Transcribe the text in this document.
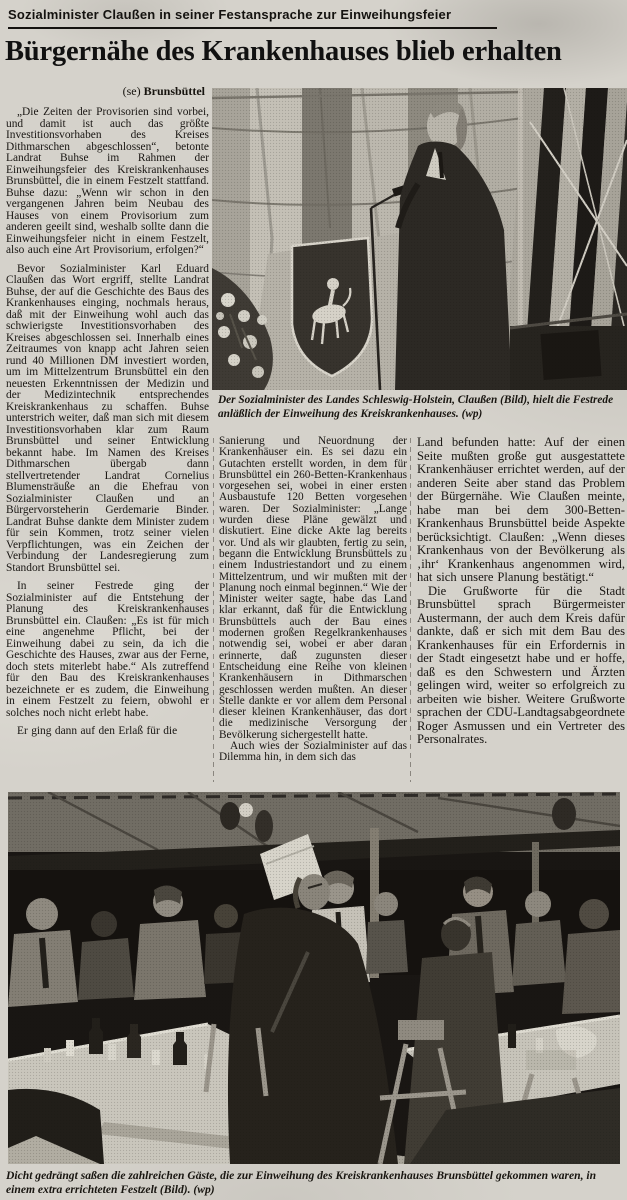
Sozialminister Claußen in seiner Festansprache zur Einweihungsfeier
Bürgernähe des Krankenhauses blieb erhalten
(se) Brunsbüttel

„Die Zeiten der Provisorien sind vorbei, und damit ist auch das größte Investitionsvorhaben des Kreises Dithmarschen abgeschlossen“, betonte Landrat Buhse im Rahmen der Einweihungsfeier des Kreiskrankenhauses Brunsbüttel, die in einem Festzelt stattfand. Buhse dazu: „Wenn wir schon in den vergangenen Jahren beim Neubau des Hauses von einem Provisorium zum anderen geeilt sind, weshalb sollte dann die Einweihungsfeier nicht in einem Festzelt, also auch eine Art Provisorium, erfolgen?“

Bevor Sozialminister Karl Eduard Claußen das Wort ergriff, stellte Landrat Buhse, der auf die Geschichte des Baus des Krankenhauses einging, nochmals heraus, daß mit der Einweihung wohl auch das schwierigste Investitionsvorhaben des Kreises abgeschlossen sei. Innerhalb eines Zeitraumes von knapp acht Jahren seien rund 40 Millionen DM investiert worden, um im Mittelzentrum Brunsbüttel ein den neuesten Erkenntnissen der Medizin und der Medizintechnik entsprechendes Kreiskrankenhaus zu schaffen. Buhse unterstrich weiter, daß man sich mit diesem Investitionsvorhaben klar zum Raum Brunsbüttel und seiner Entwicklung bekannt habe. Im Namen des Kreises Dithmarschen übergab dann stellvertretender Landrat Cornelius Blumensträuße an die Ehefrau von Sozialminister Claußen und an Bürgervorsteherin Gerdemarie Binder. Landrat Buhse dankte dem Minister zudem für sein Kommen, trotz seiner vielen Verpflichtungen, was ein Zeichen der Verbindung der Landesregierung zum Standort Brunsbüttel sei.

In seiner Festrede ging der Sozialminister auf die Entstehung der Planung des Kreiskrankenhauses Brunsbüttel ein. Claußen: „Es ist für mich eine angenehme Pflicht, bei der Einweihung dabei zu sein, da ich die Geschichte des Hauses, zwar aus der Ferne, doch stets miterlebt habe.“ Als zutreffend für den Bau des Kreiskrankenhauses bezeichnete er es zudem, die Einweihung in einem Festzelt zu feiern, obwohl er solches noch nicht erlebt habe.

Er ging dann auf den Erlaß für die

Der Sozialminister des Landes Schleswig-Holstein, Claußen (Bild), hielt die Festrede anläßlich der Einweihung des Kreiskrankenhauses. (wp)

Sanierung und Neuordnung der Krankenhäuser ein. Es sei dazu ein Gutachten erstellt worden, in dem für Brunsbüttel ein 260-Betten-Krankenhaus vorgesehen sei, wobei in einer ersten Ausbaustufe 120 Betten vorgesehen waren. Der Sozialminister: „Lange wurden diese Pläne gewälzt und diskutiert. Eine dicke Akte lag bereits vor. Und als wir glaubten, fertig zu sein, begann die Entwicklung Brunsbüttels zu einem Industriestandort und zu einem Mittelzentrum, und wir mußten mit der Planung noch einmal beginnen.“ Wie der Minister weiter sagte, habe das Land klar erkannt, daß für die Entwicklung Brunsbüttels auch der Bau eines modernen großen Regelkrankenhauses notwendig sei, wobei er aber daran erinnerte, daß zugunsten dieser Entscheidung eine Reihe von kleinen Krankenhäusern in Dithmarschen geschlossen werden mußten. An dieser Stelle dankte er vor allem dem Personal dieser kleinen Krankenhäuser, das dort die medizinische Versorgung der Bevölkerung sichergestellt hatte.

Auch wies der Sozialminister auf das Dilemma hin, in dem sich das

Land befunden hatte: Auf der einen Seite mußten große gut ausgestattete Krankenhäuser errichtet werden, auf der anderen Seite aber stand das Problem der Bürgernähe. Wie Claußen meinte, habe man bei dem 300-Betten-Krankenhaus Brunsbüttel beide Aspekte berücksichtigt. Claußen: „Wenn dieses Krankenhaus von der Bevölkerung als ‚ihr‘ Krankenhaus angenommen wird, hat sich unsere Planung bestätigt.“

Die Grußworte für die Stadt Brunsbüttel sprach Bürgermeister Austermann, der auch dem Kreis dafür dankte, daß er sich mit dem Bau des Krankenhauses für ein Erfordernis in der Stadt eingesetzt habe und er hoffe, daß es den Schwestern und Ärzten gelingen wird, weiter so erfolgreich zu arbeiten wie bisher. Weitere Grußworte sprachen der CDU-Landtagsabgeordnete Roger Asmussen und ein Vertreter des Personalrates.

Dicht gedrängt saßen die zahlreichen Gäste, die zur Einweihung des Kreiskrankenhauses Brunsbüttel gekommen waren, in einem extra errichteten Festzelt (Bild). (wp)
